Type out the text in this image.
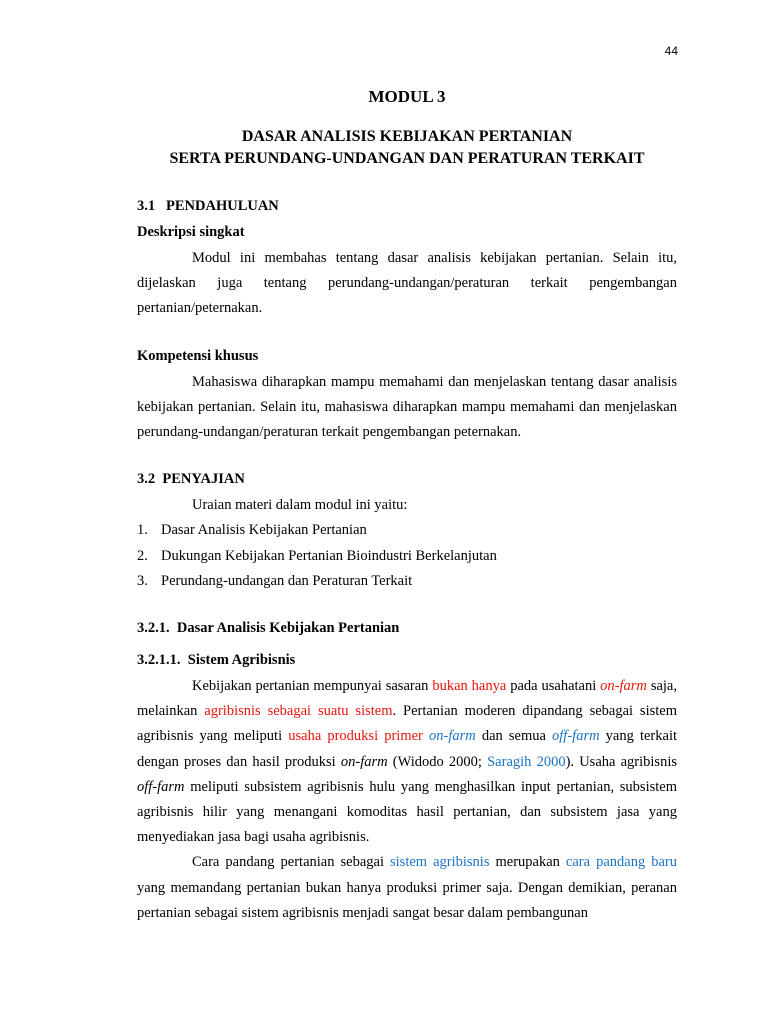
44
MODUL 3
DASAR ANALISIS KEBIJAKAN PERTANIAN
SERTA PERUNDANG-UNDANGAN DAN PERATURAN TERKAIT
3.1   PENDAHULUAN
Deskripsi singkat

Modul ini membahas tentang dasar analisis kebijakan pertanian. Selain itu, dijelaskan juga tentang perundang-undangan/peraturan terkait pengembangan pertanian/peternakan.

Kompetensi khusus

Mahasiswa diharapkan mampu memahami dan menjelaskan tentang dasar analisis kebijakan pertanian. Selain itu, mahasiswa diharapkan mampu memahami dan menjelaskan perundang-undangan/peraturan terkait pengembangan peternakan.

3.2  PENYAJIAN

Uraian materi dalam modul ini yaitu:

1. Dasar Analisis Kebijakan Pertanian
2. Dukungan Kebijakan Pertanian Bioindustri Berkelanjutan
3. Perundang-undangan dan Peraturan Terkait
3.2.1.  Dasar Analisis Kebijakan Pertanian
3.2.1.1.  Sistem Agribisnis

Kebijakan pertanian mempunyai sasaran bukan hanya pada usahatani on-farm saja, melainkan agribisnis sebagai suatu sistem. Pertanian moderen dipandang sebagai sistem agribisnis yang meliputi usaha produksi primer on-farm dan semua off-farm yang terkait dengan proses dan hasil produksi on-farm (Widodo 2000; Saragih 2000). Usaha agribisnis off-farm meliputi subsistem agribisnis hulu yang menghasilkan input pertanian, subsistem agribisnis hilir yang menangani komoditas hasil pertanian, dan subsistem jasa yang menyediakan jasa bagi usaha agribisnis.

Cara pandang pertanian sebagai sistem agribisnis merupakan cara pandang baru yang memandang pertanian bukan hanya produksi primer saja. Dengan demikian, peranan pertanian sebagai sistem agribisnis menjadi sangat besar dalam pembangunan
